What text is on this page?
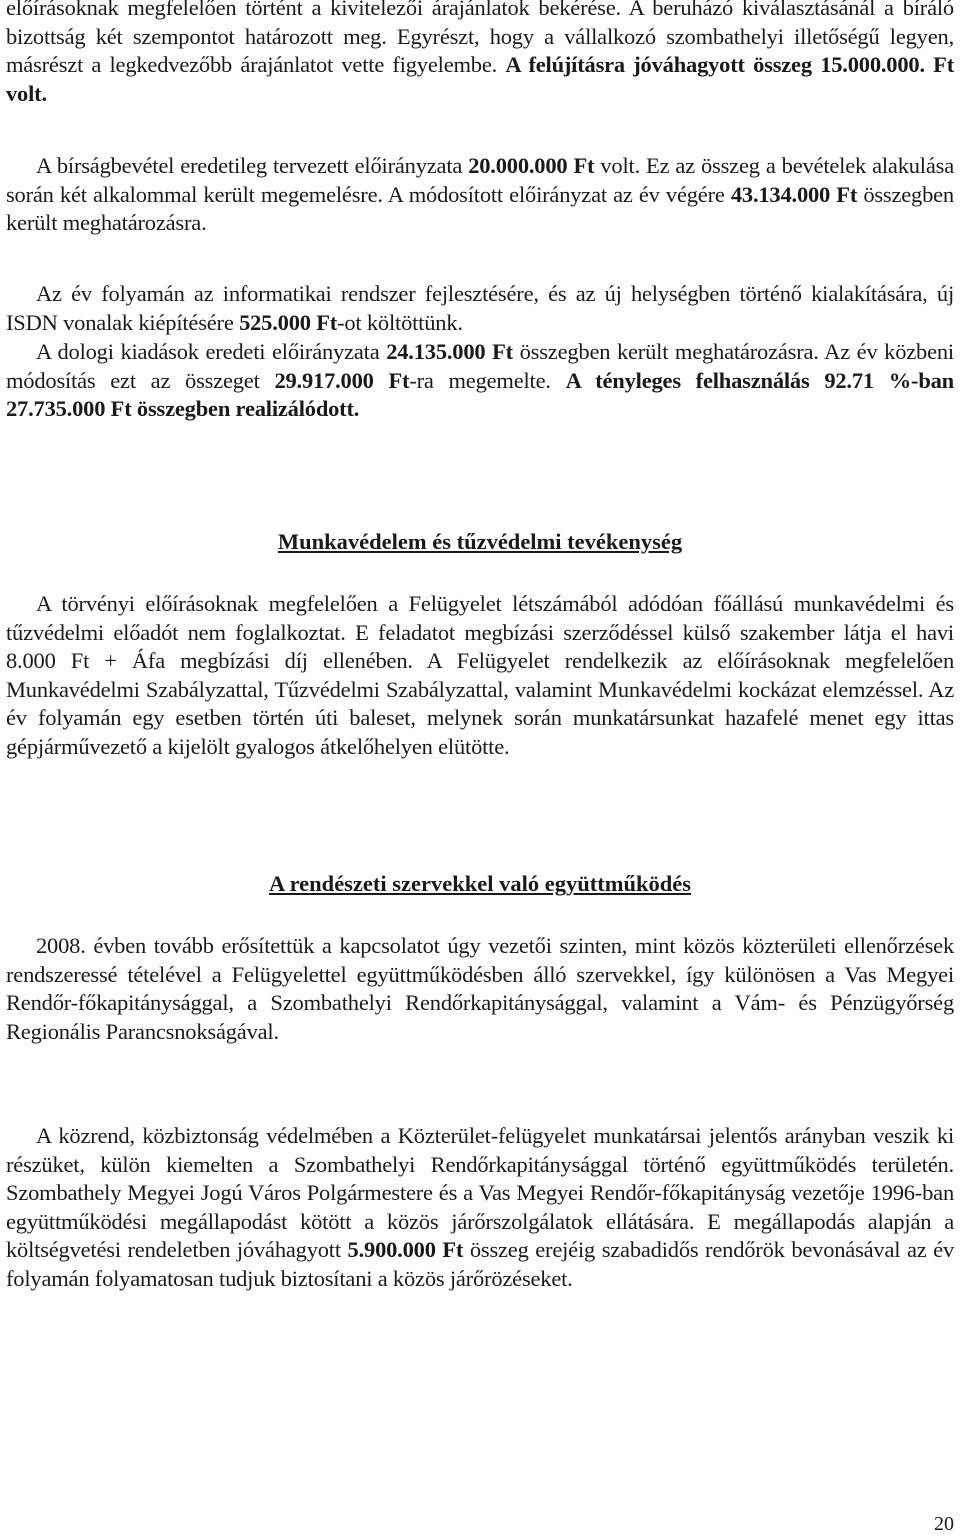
előírásoknak megfelelően történt a kivitelezői árajánlatok bekérése. A beruházó kiválasztásánál a bíráló bizottság két szempontot határozott meg. Egyrészt, hogy a vállalkozó szombathelyi illetőségű legyen, másrészt a legkedvezőbb árajánlatot vette figyelembe. A felújításra jóváhagyott összeg 15.000.000. Ft volt.

A bírságbevétel eredetileg tervezett előirányzata 20.000.000 Ft volt. Ez az összeg a bevételek alakulása során két alkalommal került megemelésre. A módosított előirányzat az év végére 43.134.000 Ft összegben került meghatározásra.

Az év folyamán az informatikai rendszer fejlesztésére, és az új helységben történő kialakítására, új ISDN vonalak kiépítésére 525.000 Ft-ot költöttünk.

A dologi kiadások eredeti előirányzata 24.135.000 Ft összegben került meghatározásra. Az év közbeni módosítás ezt az összeget 29.917.000 Ft-ra megemelte. A tényleges felhasználás 92.71 %-ban 27.735.000 Ft összegben realizálódott.

Munkavédelem és tűzvédelmi tevékenység

A törvényi előírásoknak megfelelően a Felügyelet létszámából adódóan főállású munkavédelmi és tűzvédelmi előadót nem foglalkoztat. E feladatot megbízási szerződéssel külső szakember látja el havi 8.000 Ft + Áfa megbízási díj ellenében. A Felügyelet rendelkezik az előírásoknak megfelelően Munkavédelmi Szabályzattal, Tűzvédelmi Szabályzattal, valamint Munkavédelmi kockázat elemzéssel. Az év folyamán egy esetben történ úti baleset, melynek során munkatársunkat hazafelé menet egy ittas gépjárművezető a kijelölt gyalogos átkelőhelyen elütötte.

A rendészeti szervekkel való együttműködés

2008. évben tovább erősítettük a kapcsolatot úgy vezetői szinten, mint közös közterületi ellenőrzések rendszeressé tételével a Felügyelettel együttműködésben álló szervekkel, így különösen a Vas Megyei Rendőr-főkapitánysággal, a Szombathelyi Rendőrkapitánysággal, valamint a Vám- és Pénzügyőrség Regionális Parancsnokságával.

A közrend, közbiztonság védelmében a Közterület-felügyelet munkatársai jelentős arányban veszik ki részüket, külön kiemelten a Szombathelyi Rendőrkapitánysággal történő együttműködés területén. Szombathely Megyei Jogú Város Polgármestere és a Vas Megyei Rendőr-főkapitányság vezetője 1996-ban együttműködési megállapodást kötött a közös járőrszolgálatok ellátására. E megállapodás alapján a költségvetési rendeletben jóváhagyott 5.900.000 Ft összeg erejéig szabadidős rendőrök bevonásával az év folyamán folyamatosan tudjuk biztosítani a közös járőrözéseket.

20
